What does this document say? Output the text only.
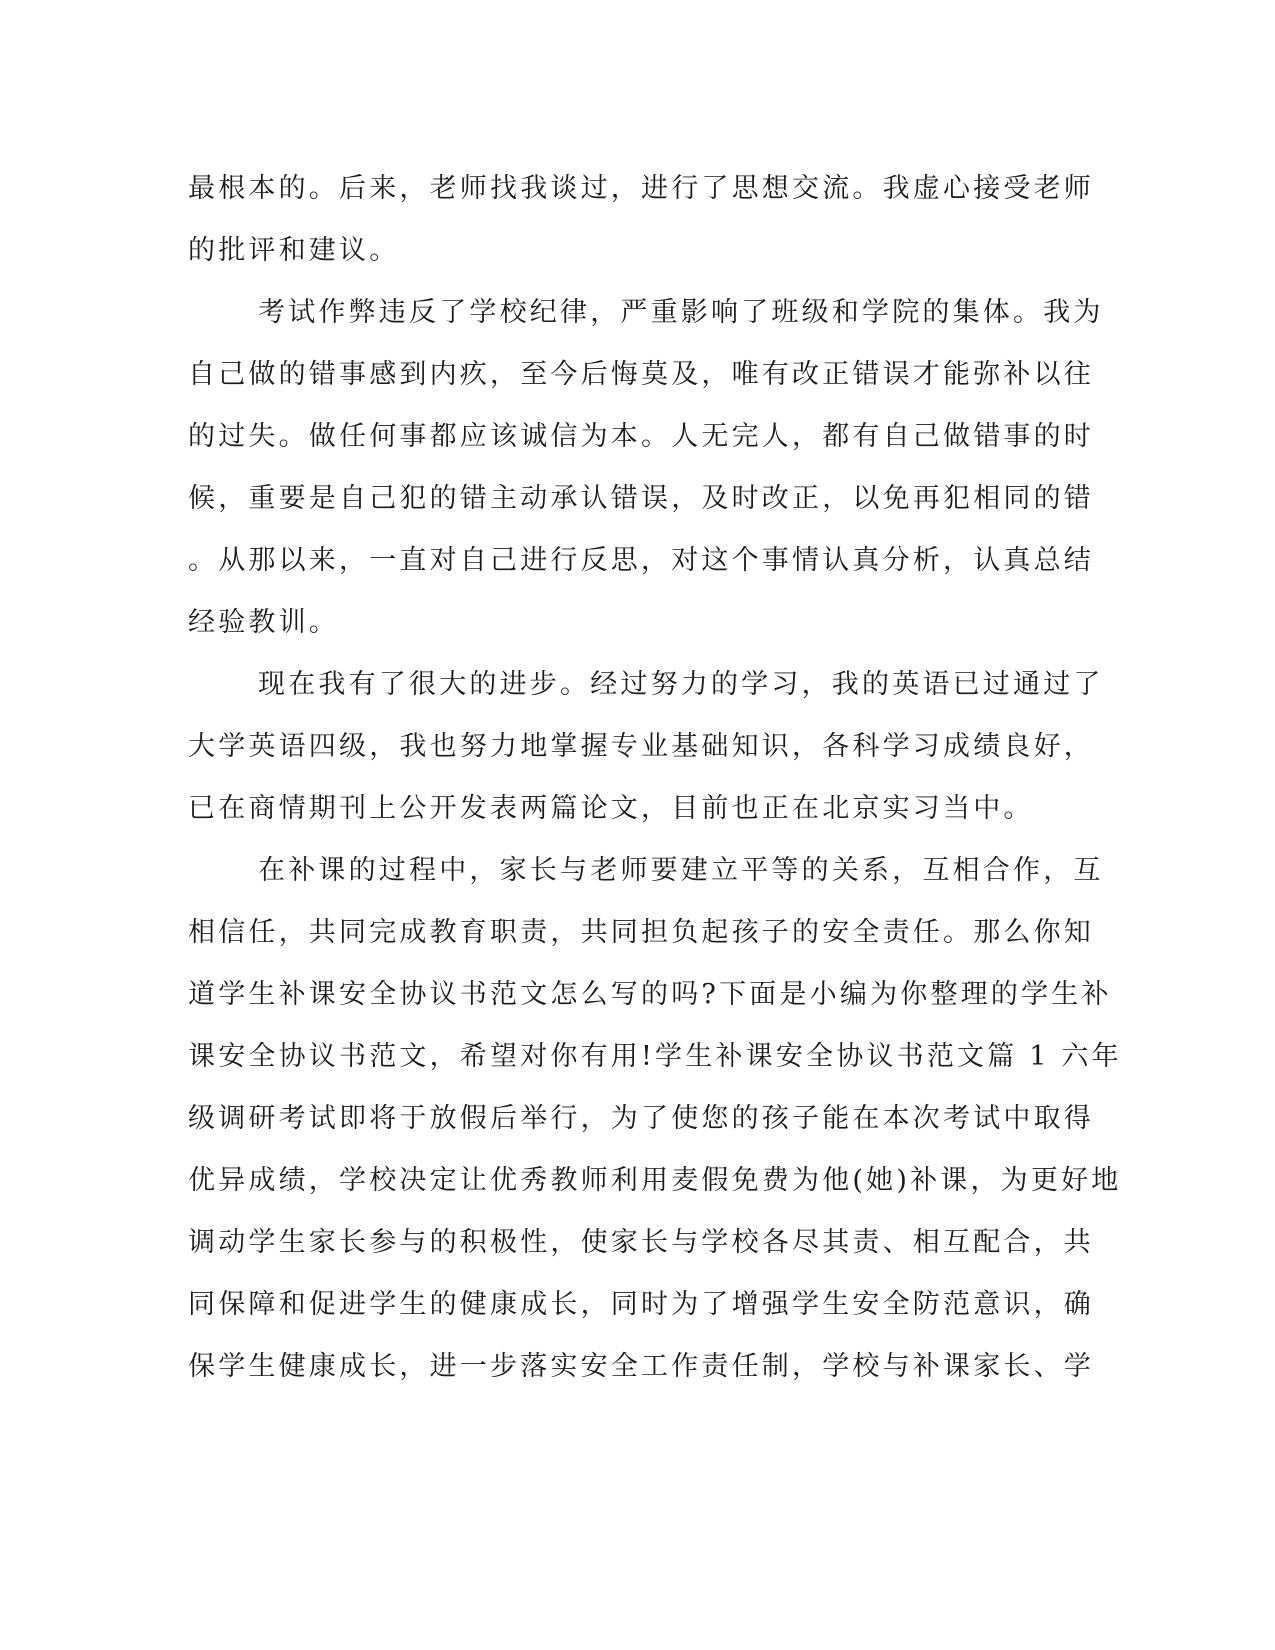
最根本的。后来，老师找我谈过，进行了思想交流。我虚心接受老师
的批评和建议。
考试作弊违反了学校纪律，严重影响了班级和学院的集体。我为
自己做的错事感到内疚，至今后悔莫及，唯有改正错误才能弥补以往
的过失。做任何事都应该诚信为本。人无完人，都有自己做错事的时
候，重要是自己犯的错主动承认错误，及时改正，以免再犯相同的错
。从那以来，一直对自己进行反思，对这个事情认真分析，认真总结
经验教训。
现在我有了很大的进步。经过努力的学习，我的英语已过通过了
大学英语四级，我也努力地掌握专业基础知识，各科学习成绩良好，
已在商情期刊上公开发表两篇论文，目前也正在北京实习当中。
在补课的过程中，家长与老师要建立平等的关系，互相合作，互
相信任，共同完成教育职责，共同担负起孩子的安全责任。那么你知
道学生补课安全协议书范文怎么写的吗?下面是小编为你整理的学生补
课安全协议书范文，希望对你有用!学生补课安全协议书范文篇 1 六年
级调研考试即将于放假后举行，为了使您的孩子能在本次考试中取得
优异成绩，学校决定让优秀教师利用麦假免费为他(她)补课，为更好地
调动学生家长参与的积极性，使家长与学校各尽其责、相互配合，共
同保障和促进学生的健康成长，同时为了增强学生安全防范意识，确
保学生健康成长，进一步落实安全工作责任制，学校与补课家长、学
